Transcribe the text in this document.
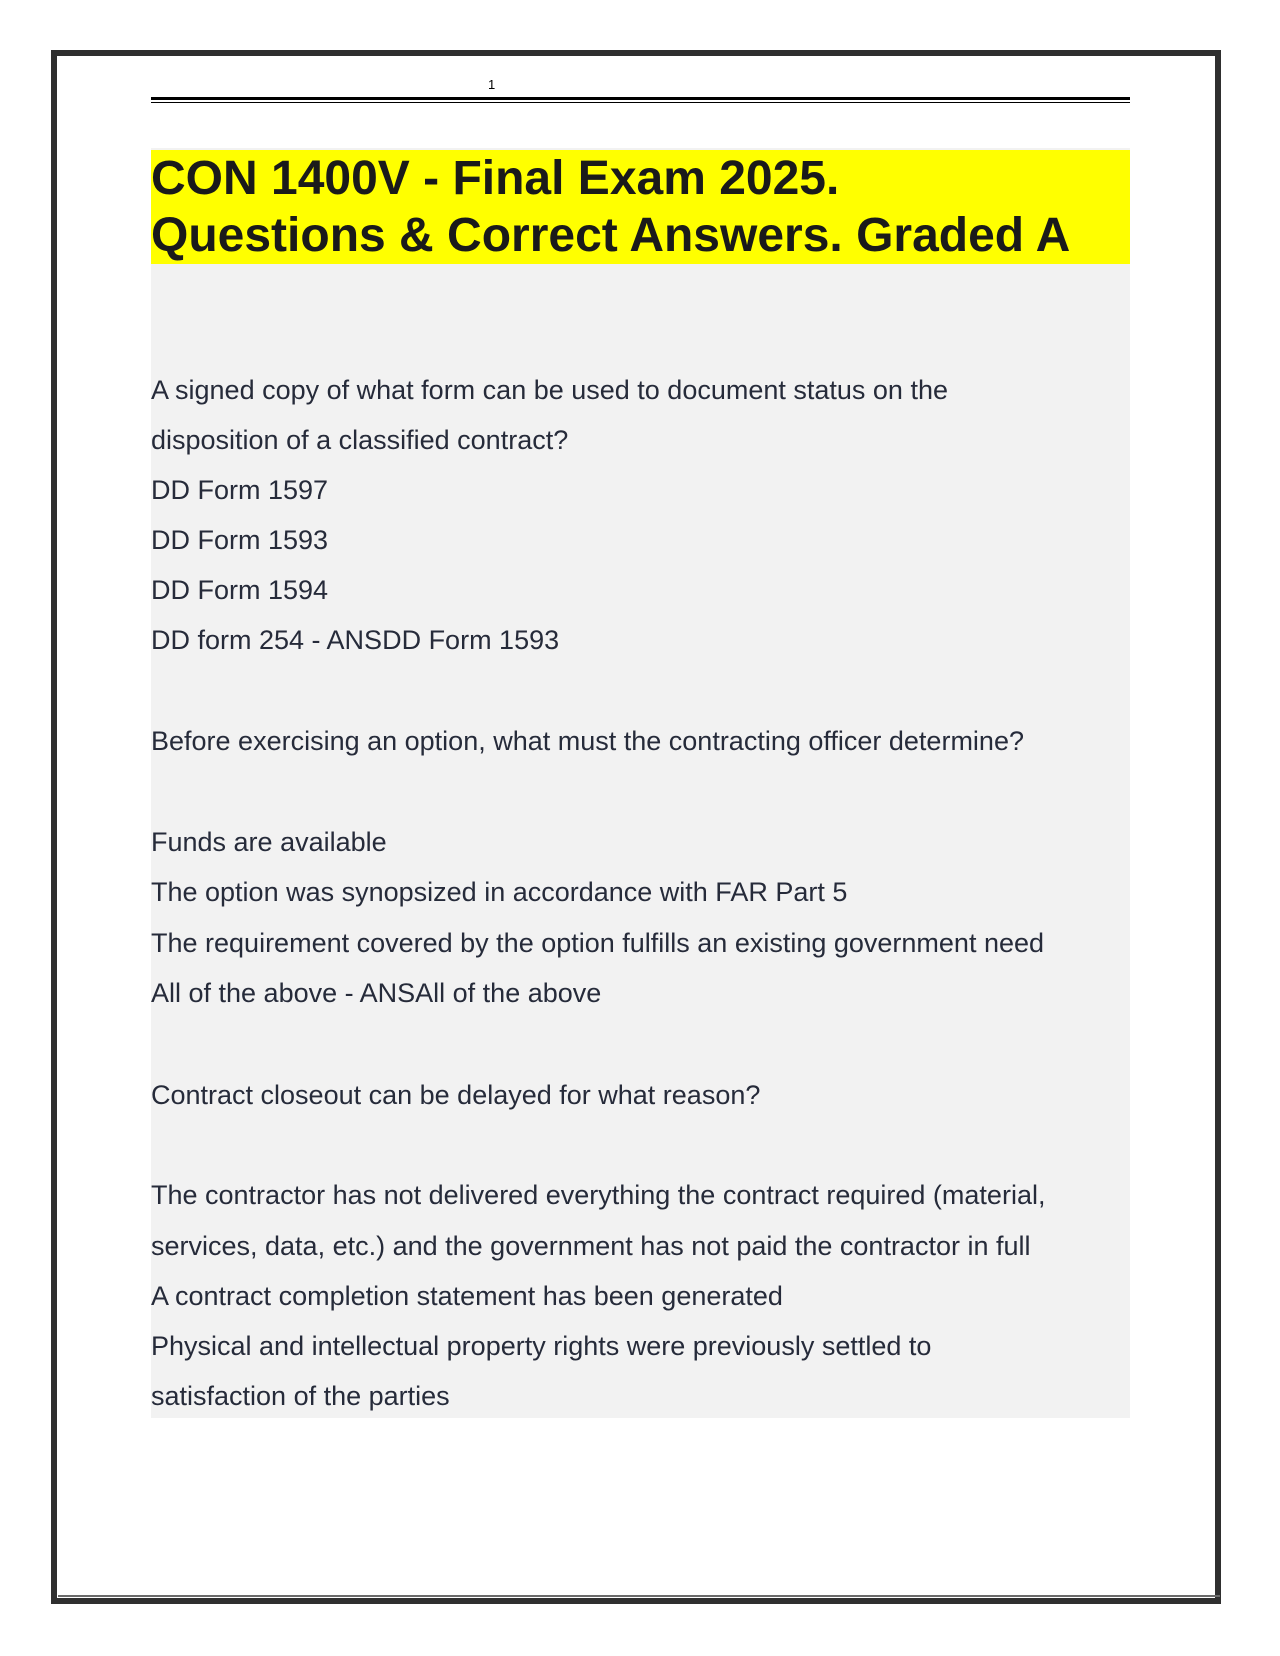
1
CON 1400V - Final Exam 2025.
Questions & Correct Answers. Graded A
A signed copy of what form can be used to document status on the
disposition of a classified contract?
DD Form 1597
DD Form 1593
DD Form 1594
DD form 254 - ANSDD Form 1593
Before exercising an option, what must the contracting officer determine?
Funds are available
The option was synopsized in accordance with FAR Part 5
The requirement covered by the option fulfills an existing government need
All of the above - ANSAll of the above
Contract closeout can be delayed for what reason?
The contractor has not delivered everything the contract required (material,
services, data, etc.) and the government has not paid the contractor in full
A contract completion statement has been generated
Physical and intellectual property rights were previously settled to
satisfaction of the parties
